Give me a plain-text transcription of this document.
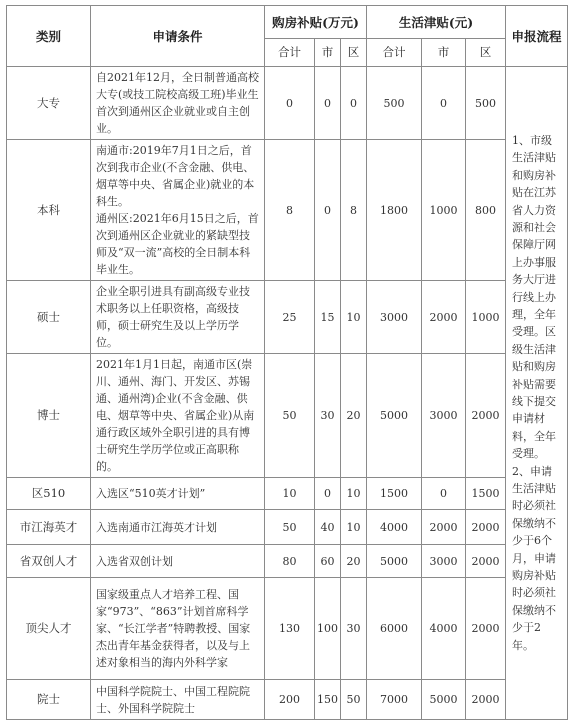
类别	申请条件	购房补贴(万元)			生活津贴(元)			申报流程
		合计	市	区	合计	市	区	
大专	自2021年12月，全日制普通高校大专(或技工院校高级工班)毕业生首次到通州区企业就业或自主创业。	0	0	0	500	0	500	1、市级生活津贴和购房补贴在江苏省人力资源和社会保障厅网上办事服务大厅进行线上办理，全年受理。区级生活津贴和购房补贴需要线下提交申请材料，全年受理。
2、申请生活津贴时必须社保缴纳不少于6个月，申请购房补贴时必须社保缴纳不少于2年。

本科	南通市:2019年7月1日之后，首次到我市企业(不含金融、供电、烟草等中央、省属企业)就业的本科生。
通州区:2021年6月15日之后，首次到通州区企业就业的紧缺型技师及“双一流”高校的全日制本科毕业生。	8	0	8	1800	1000	800	
硕士	企业全职引进具有副高级专业技术职务以上任职资格，高级技师，硕士研究生及以上学历学位。	25	15	10	3000	2000	1000	
博士	2021年1月1日起，南通市区(崇川、通州、海门、开发区、苏锡通、通州湾)企业(不含金融、供电、烟草等中央、省属企业)从南通行政区域外全职引进的具有博士研究生学历学位或正高职称的。	50	30	20	5000	3000	2000	
区510	入选区“510英才计划”	10	0	10	1500	0	1500	
市江海英才	入选南通市江海英才计划	50	40	10	4000	2000	2000	
省双创人才	入选省双创计划	80	60	20	5000	3000	2000	
顶尖人才	国家级重点人才培养工程、国家“973”、“863”计划首席科学家、“长江学者”特聘教授、国家杰出青年基金获得者，以及与上述对象相当的海内外科学家	130	100	30	6000	4000	2000	
院士	中国科学院院士、中国工程院院士、外国科学院院士	200	150	50	7000	5000	2000	
